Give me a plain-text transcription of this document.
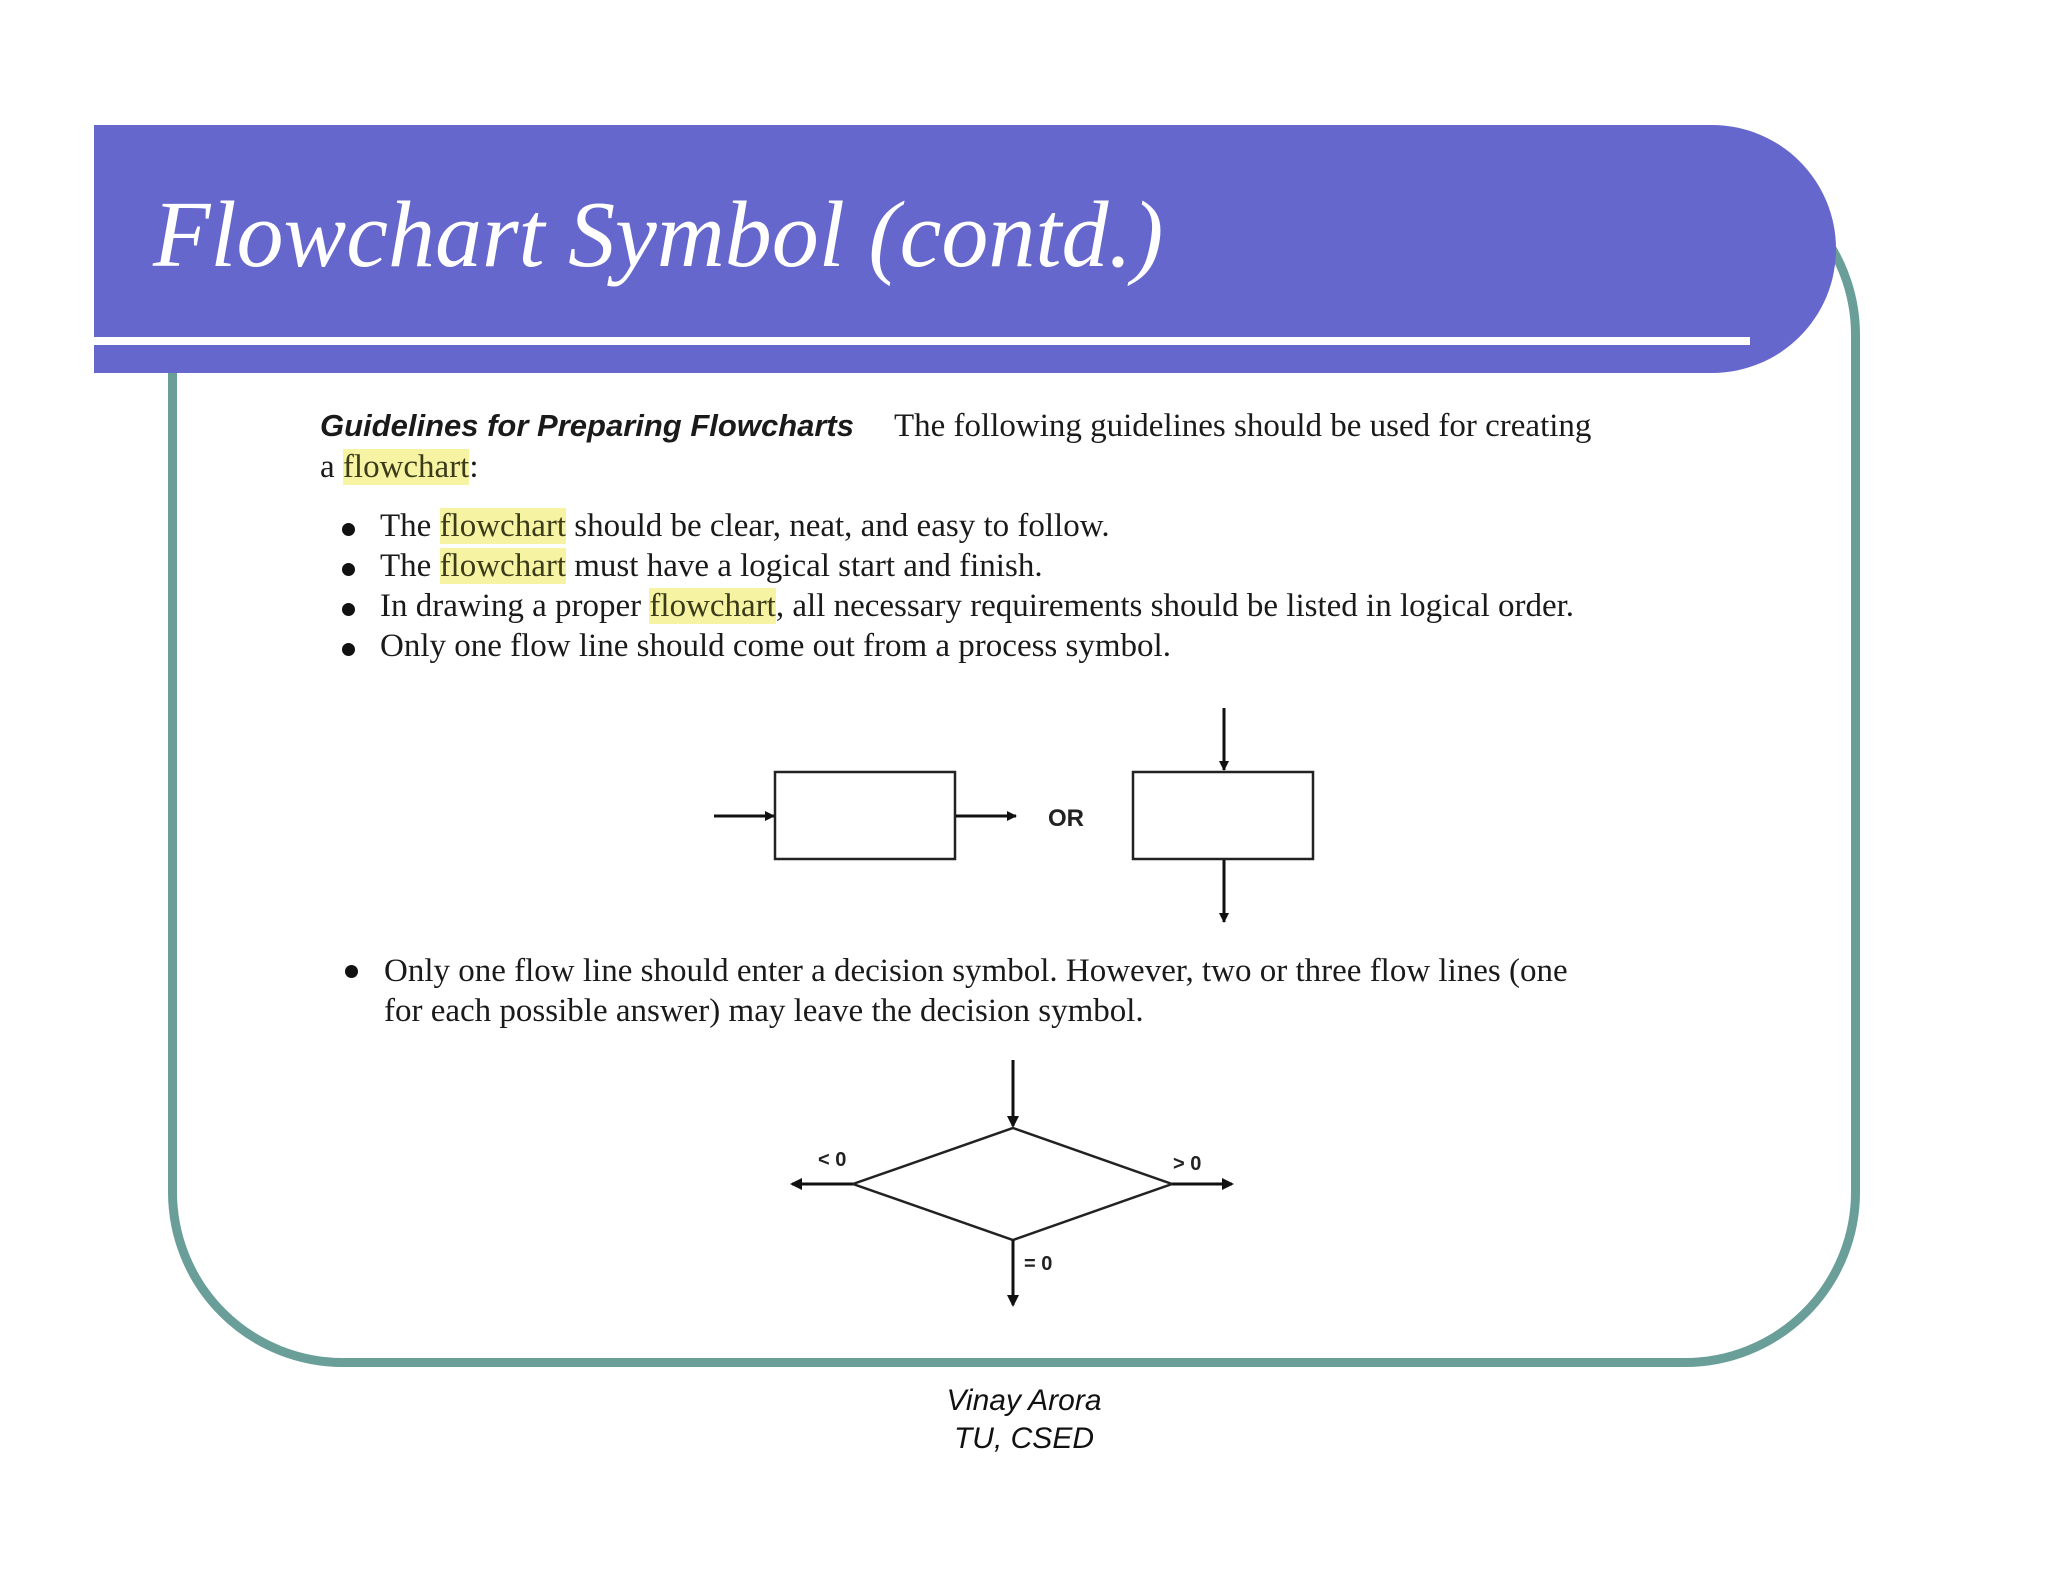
Flowchart Symbol (contd.)

Guidelines for Preparing Flowcharts The following guidelines should be used for creating

a flowchart:

The flowchart should be clear, neat, and easy to follow.

The flowchart must have a logical start and finish.

In drawing a proper flowchart, all necessary requirements should be listed in logical order.

Only one flow line should come out from a process symbol.

OR

Only one flow line should enter a decision symbol. However, two or three flow lines (one

for each possible answer) may leave the decision symbol.

< 0	> 0
= 0
Vinay Arora
TU, CSED
